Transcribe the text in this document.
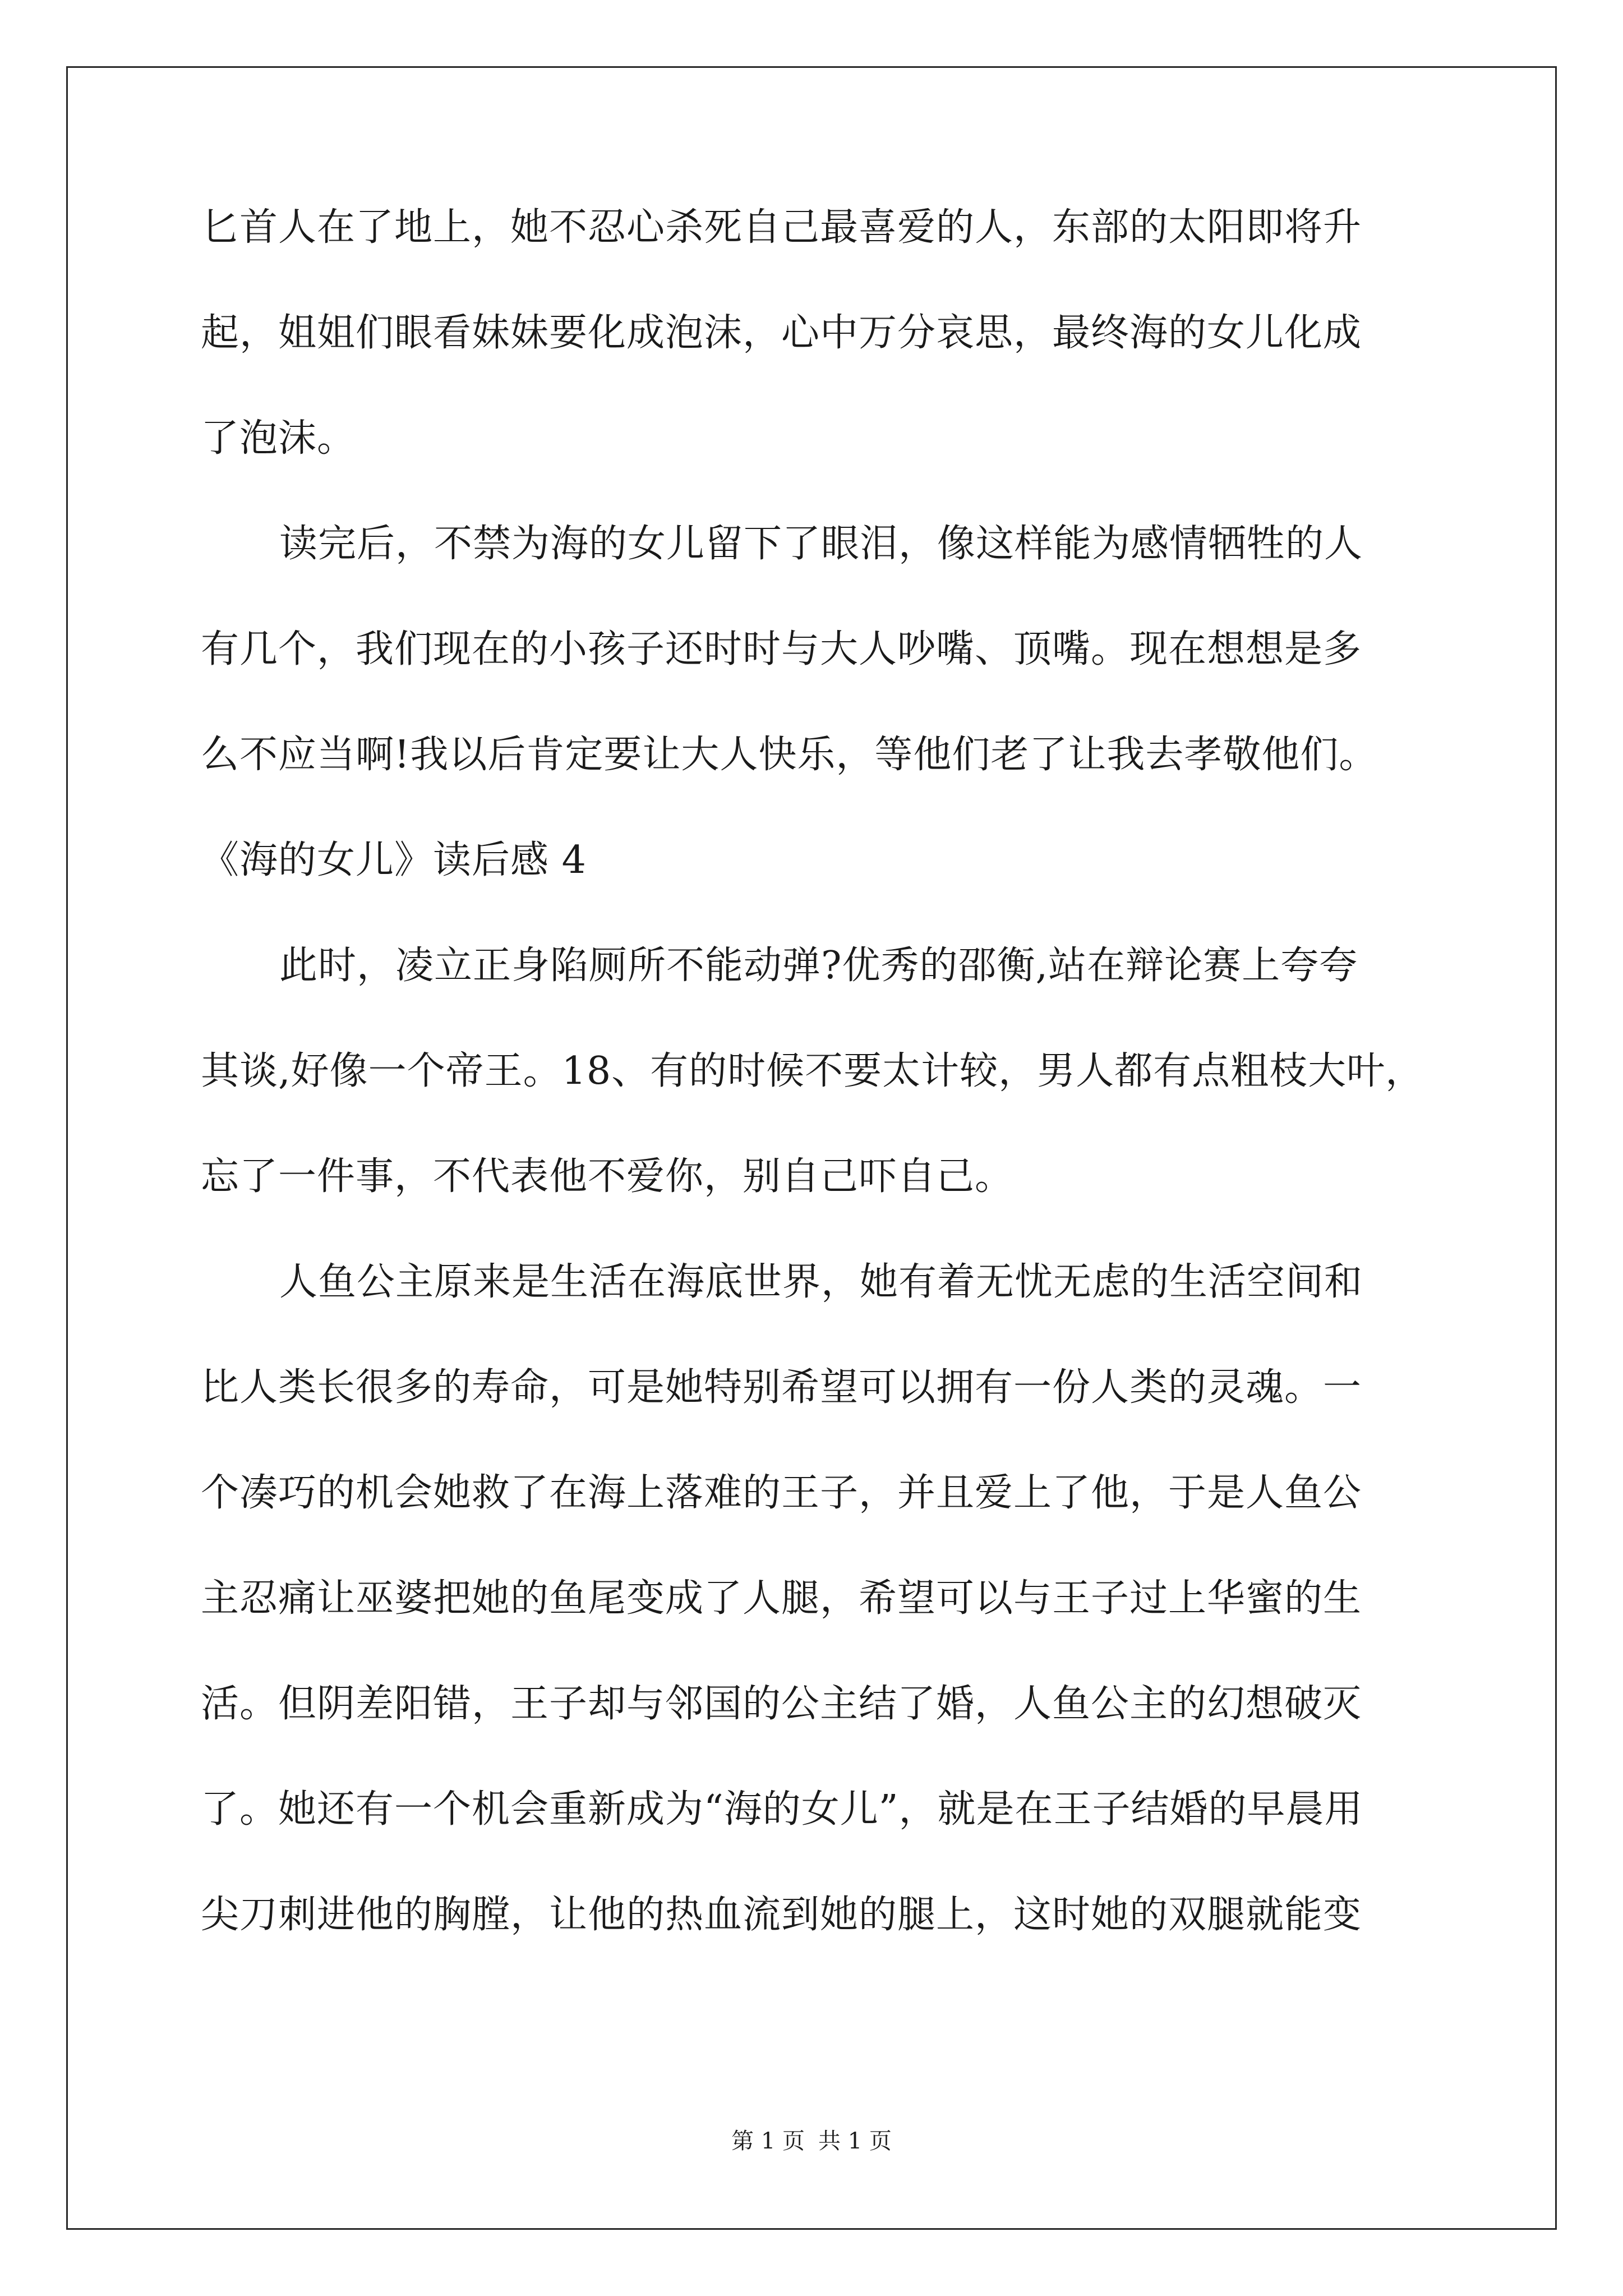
匕首人在了地上，她不忍心杀死自己最喜爱的人，东部的太阳即将升
起，姐姐们眼看妹妹要化成泡沫，心中万分哀思，最终海的女儿化成
了泡沫。
读完后，不禁为海的女儿留下了眼泪，像这样能为感情牺牲的人
有几个，我们现在的小孩子还时时与大人吵嘴、顶嘴。现在想想是多
么不应当啊!我以后肯定要让大人快乐，等他们老了让我去孝敬他们。
《海的女儿》读后感 4
此时，凌立正身陷厕所不能动弹?优秀的邵衡,站在辩论赛上夸夸
其谈,好像一个帝王。18、有的时候不要太计较，男人都有点粗枝大叶，
忘了一件事，不代表他不爱你，别自己吓自己。
人鱼公主原来是生活在海底世界，她有着无忧无虑的生活空间和
比人类长很多的寿命，可是她特别希望可以拥有一份人类的灵魂。一
个凑巧的机会她救了在海上落难的王子，并且爱上了他，于是人鱼公
主忍痛让巫婆把她的鱼尾变成了人腿，希望可以与王子过上华蜜的生
活。但阴差阳错，王子却与邻国的公主结了婚，人鱼公主的幻想破灭
了。她还有一个机会重新成为“海的女儿”，就是在王子结婚的早晨用
尖刀刺进他的胸膛，让他的热血流到她的腿上，这时她的双腿就能变
第 1 页 共 1 页
